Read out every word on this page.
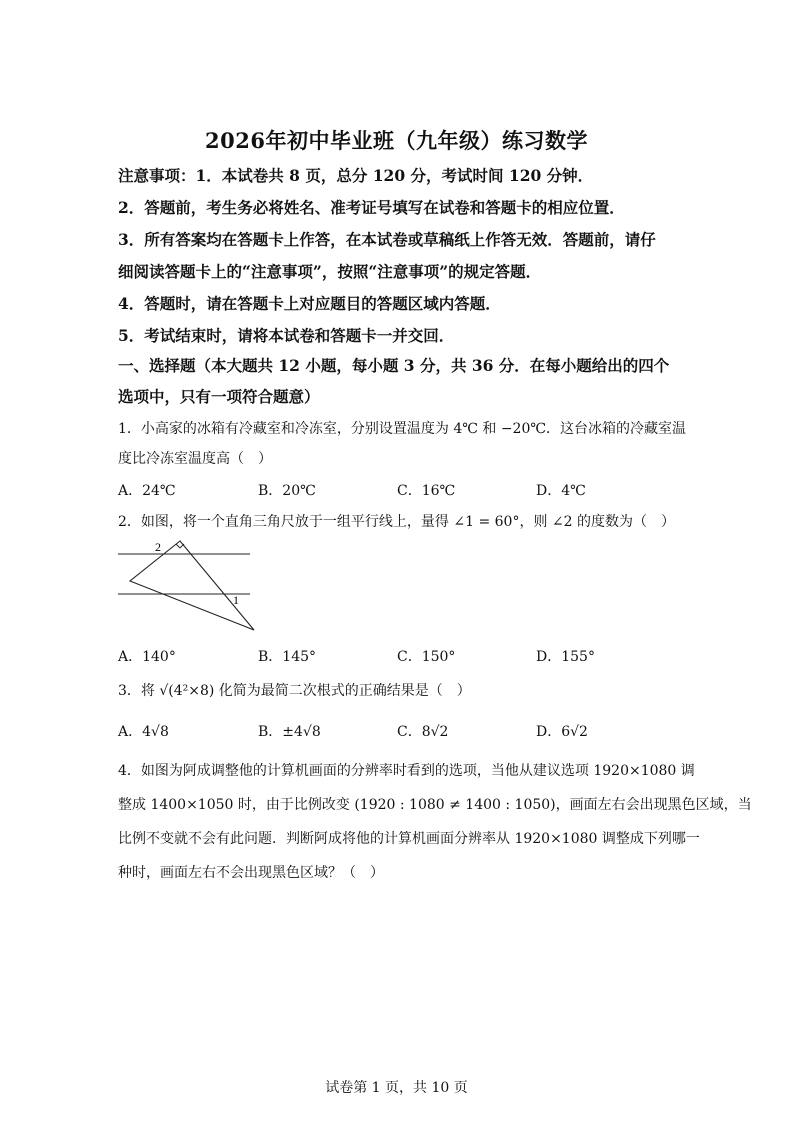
2026年初中毕业班（九年级）练习数学
注意事项：1．本试卷共 8 页，总分 120 分，考试时间 120 分钟．
2．答题前，考生务必将姓名、准考证号填写在试卷和答题卡的相应位置．
3．所有答案均在答题卡上作答，在本试卷或草稿纸上作答无效．答题前，请仔
细阅读答题卡上的“注意事项”，按照“注意事项”的规定答题．
4．答题时，请在答题卡上对应题目的答题区域内答题．
5．考试结束时，请将本试卷和答题卡一并交回．
一、选择题（本大题共 12 小题，每小题 3 分，共 36 分．在每小题给出的四个
选项中，只有一项符合题意）
1．小高家的冰箱有冷藏室和冷冻室，分别设置温度为 4℃ 和 −20℃．这台冰箱的冷藏室温
度比冷冻室温度高（　）
A．24℃	B．20℃	C．16℃	D．4℃
2．如图，将一个直角三角尺放于一组平行线上，量得 ∠1 = 60°，则 ∠2 的度数为（　）
2
1
A．140°	B．145°	C．150°	D．155°
3．将 √(4²×8) 化简为最简二次根式的正确结果是（　）
A．4√8	B．±4√8	C．8√2	D．6√2
4．如图为阿成调整他的计算机画面的分辨率时看到的选项，当他从建议选项 1920×1080 调
整成 1400×1050 时，由于比例改变 (1920 : 1080 ≠ 1400 : 1050)，画面左右会出现黑色区域，当
比例不变就不会有此问题．判断阿成将他的计算机画面分辨率从 1920×1080 调整成下列哪一
种时，画面左右不会出现黑色区域？（　）
试卷第 1 页，共 10 页
